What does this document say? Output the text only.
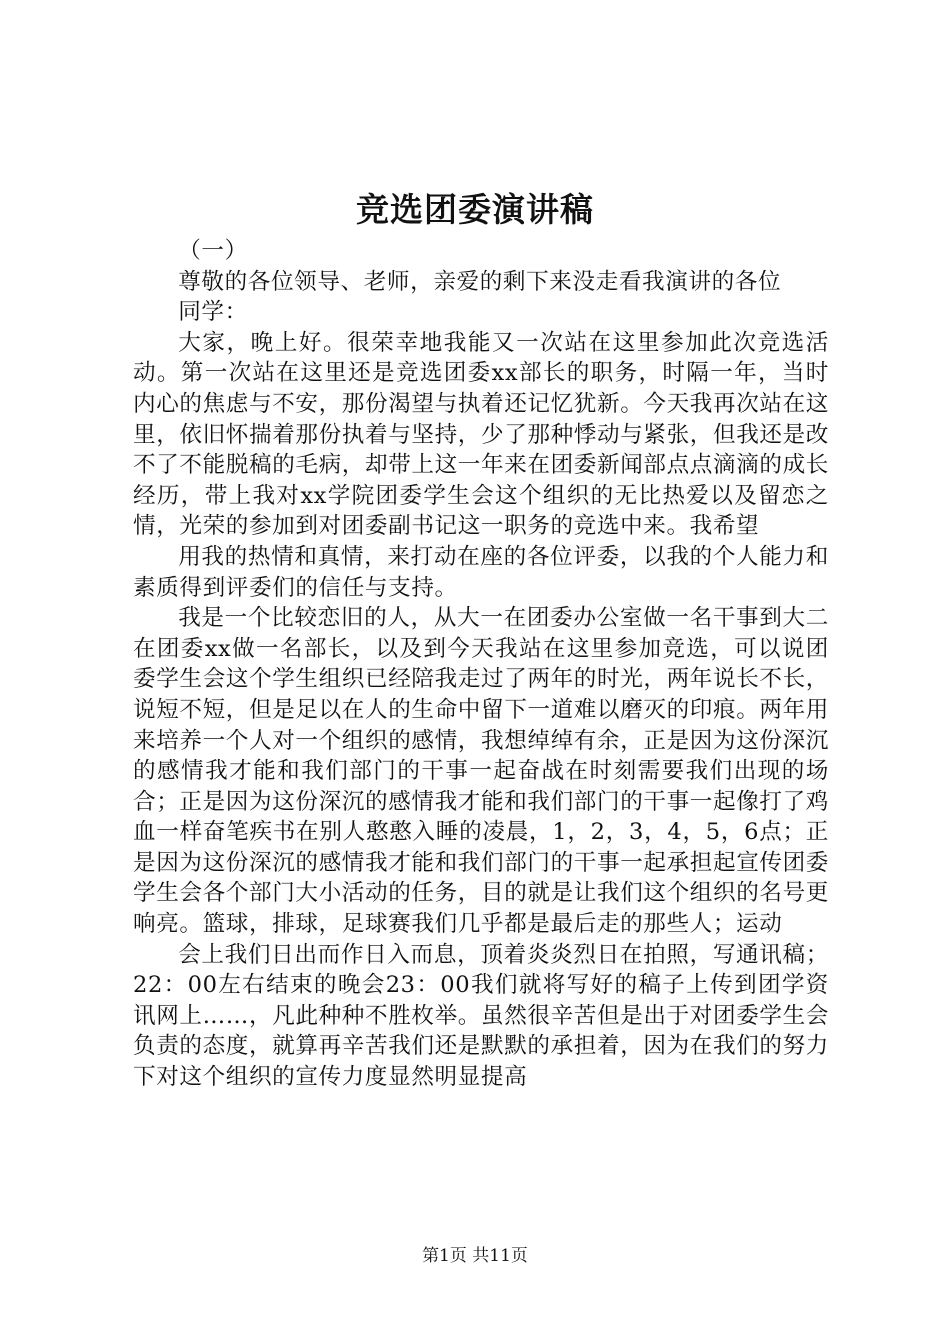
竞选团委演讲稿

（一）

尊敬的各位领导、老师，亲爱的剩下来没走看我演讲的各位

同学：

大家，晚上好。很荣幸地我能又一次站在这里参加此次竞选活动。第一次站在这里还是竞选团委xx部长的职务，时隔一年，当时内心的焦虑与不安，那份渴望与执着还记忆犹新。今天我再次站在这里，依旧怀揣着那份执着与坚持，少了那种悸动与紧张，但我还是改不了不能脱稿的毛病，却带上这一年来在团委新闻部点点滴滴的成长经历，带上我对xx学院团委学生会这个组织的无比热爱以及留恋之情，光荣的参加到对团委副书记这一职务的竞选中来。我希望

用我的热情和真情，来打动在座的各位评委，以我的个人能力和素质得到评委们的信任与支持。

我是一个比较恋旧的人，从大一在团委办公室做一名干事到大二在团委xx做一名部长，以及到今天我站在这里参加竞选，可以说团委学生会这个学生组织已经陪我走过了两年的时光，两年说长不长，说短不短，但是足以在人的生命中留下一道难以磨灭的印痕。两年用来培养一个人对一个组织的感情，我想绰绰有余，正是因为这份深沉的感情我才能和我们部门的干事一起奋战在时刻需要我们出现的场合；正是因为这份深沉的感情我才能和我们部门的干事一起像打了鸡血一样奋笔疾书在别人憨憨入睡的凌晨，1，2，3，4，5，6点；正是因为这份深沉的感情我才能和我们部门的干事一起承担起宣传团委学生会各个部门大小活动的任务，目的就是让我们这个组织的名号更响亮。篮球，排球，足球赛我们几乎都是最后走的那些人；运动

会上我们日出而作日入而息，顶着炎炎烈日在拍照，写通讯稿；22：00左右结束的晚会23：00我们就将写好的稿子上传到团学资讯网上……，凡此种种不胜枚举。虽然很辛苦但是出于对团委学生会负责的态度，就算再辛苦我们还是默默的承担着，因为在我们的努力下对这个组织的宣传力度显然明显提高

第1页 共11页
